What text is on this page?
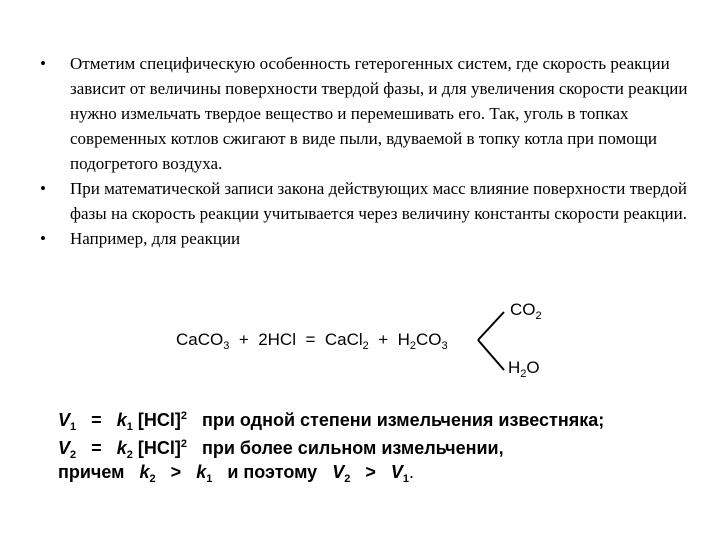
•	Отметим специфическую особенность гетерогенных систем, где скорость реакции зависит от величины поверхности твердой фазы, и для увеличения скорости реакции нужно измельчать твердое вещество и перемешивать его. Так, уголь в топках современных котлов сжигают в виде пыли, вдуваемой в топку котла при помощи подогретого воздуха.
•	При математической записи закона действующих масс влияние поверхности твердой фазы на скорость реакции учитывается через величину константы скорости реакции.
•	Например, для реакции
CaCO$_3$ + 2HCl = CaCl$_2$ + $H_2CO_3$
$CO_2$
$H_2O$
$V_1 = k_1$ [HCl]$^2$ при одной степени измельчения известняка;
$V_2 = k_2$ [HCl]$^2$ при более сильном измельчении,
причем $k_2 > k_1$ и поэтому $V_2 > V_1$.
